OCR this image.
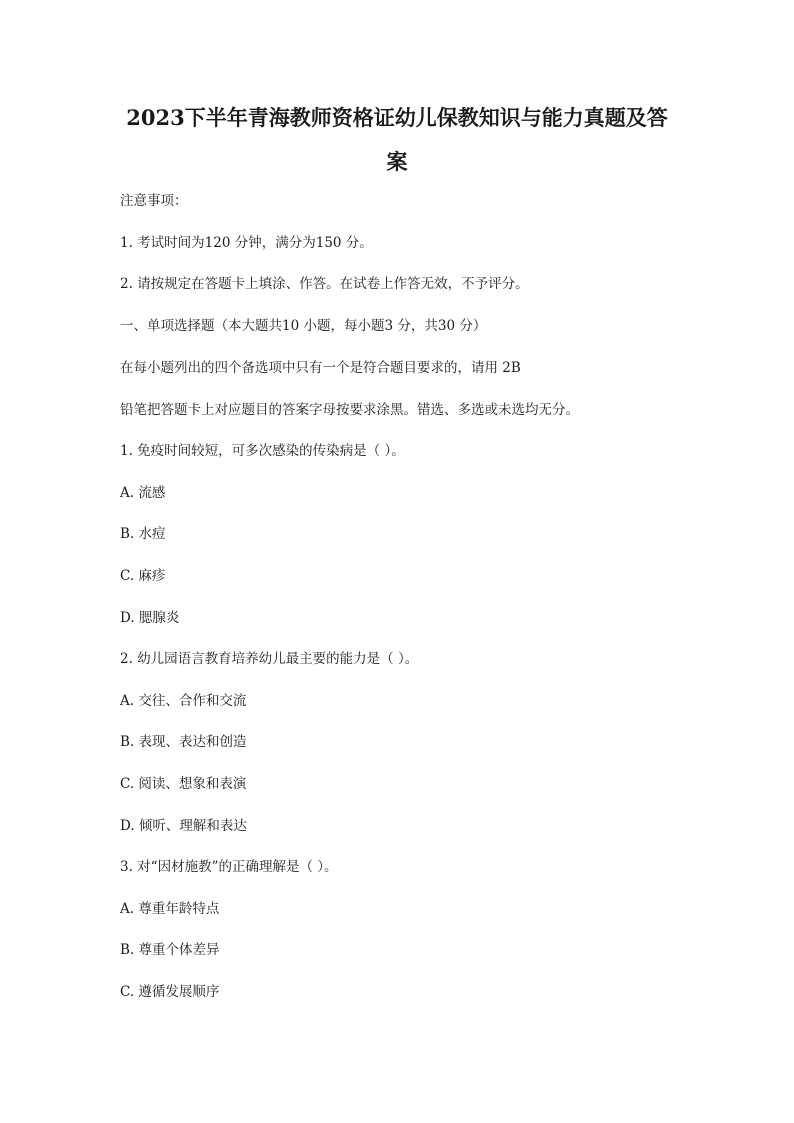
2023下半年青海教师资格证幼儿保教知识与能力真题及答
案

注意事项：

1. 考试时间为120 分钟，满分为150 分。

2. 请按规定在答题卡上填涂、作答。在试卷上作答无效，不予评分。

一、单项选择题（本大题共10 小题，每小题3 分，共30 分）

在每小题列出的四个备选项中只有一个是符合题目要求的，请用 2B

铅笔把答题卡上对应题目的答案字母按要求涂黑。错选、多选或未选均无分。

1. 免疫时间较短，可多次感染的传染病是（ ）。

A. 流感

B. 水痘

C. 麻疹

D. 腮腺炎

2. 幼儿园语言教育培养幼儿最主要的能力是（ ）。

A. 交往、合作和交流

B. 表现、表达和创造

C. 阅读、想象和表演

D. 倾听、理解和表达

3. 对“因材施教”的正确理解是（ ）。

A. 尊重年龄特点

B. 尊重个体差异

C. 遵循发展顺序
